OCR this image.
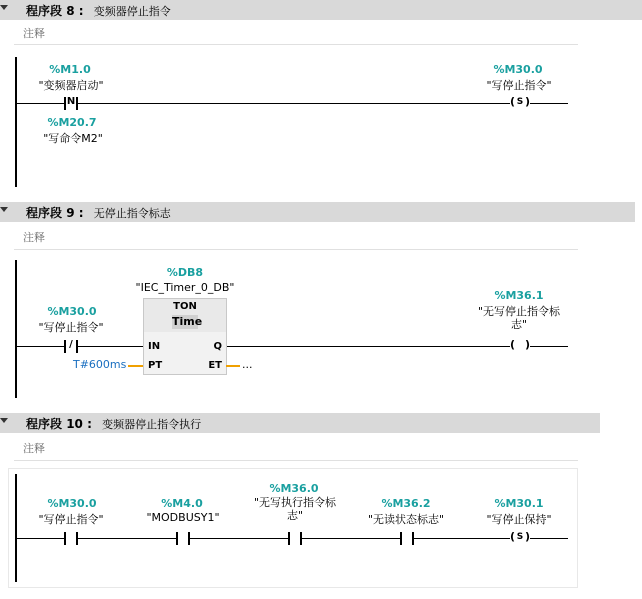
程序段 8 : 变频器停止指令
注释
%M1.0
"变频器启动"
N
%M20.7
"写命令M2"
%M30.0
"写停止指令"
( S )
程序段 9 : 无停止指令标志
注释
%M30.0
"写停止指令"
/
%DB8
"IEC_Timer_0_DB"
TON
Time
IN
PT
Q
ET
T#600ms	...
%M36.1
"无写停止指令标志"
( )
程序段 10 : 变频器停止指令执行
注释
%M30.0
"写停止指令"
%M4.0
"MODBUSY1"
%M36.0
"无写执行指令标志"
%M36.2
"无读状态标志"
%M30.1
"写停止保持"
( S )
